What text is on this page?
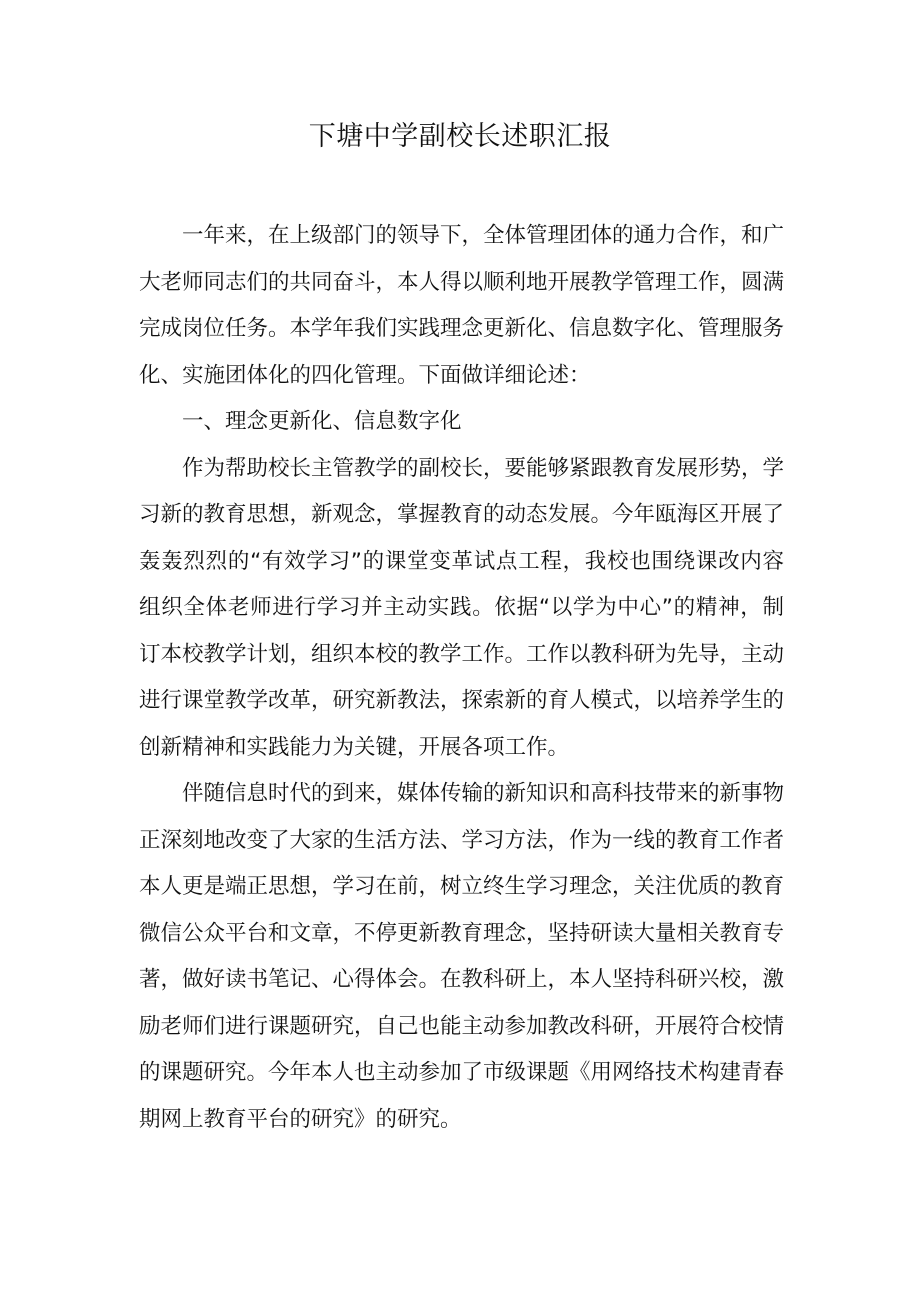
下塘中学副校长述职汇报

一年来，在上级部门的领导下，全体管理团体的通力合作，和广大老师同志们的共同奋斗，本人得以顺利地开展教学管理工作，圆满完成岗位任务。本学年我们实践理念更新化、信息数字化、管理服务化、实施团体化的四化管理。下面做详细论述：

一、理念更新化、信息数字化

作为帮助校长主管教学的副校长，要能够紧跟教育发展形势，学习新的教育思想，新观念，掌握教育的动态发展。今年瓯海区开展了轰轰烈烈的“有效学习”的课堂变革试点工程，我校也围绕课改内容组织全体老师进行学习并主动实践。依据“以学为中心”的精神，制订本校教学计划，组织本校的教学工作。工作以教科研为先导，主动进行课堂教学改革，研究新教法，探索新的育人模式，以培养学生的创新精神和实践能力为关键，开展各项工作。

伴随信息时代的到来，媒体传输的新知识和高科技带来的新事物正深刻地改变了大家的生活方法、学习方法，作为一线的教育工作者本人更是端正思想，学习在前，树立终生学习理念，关注优质的教育微信公众平台和文章，不停更新教育理念，坚持研读大量相关教育专著，做好读书笔记、心得体会。在教科研上，本人坚持科研兴校，激励老师们进行课题研究，自己也能主动参加教改科研，开展符合校情的课题研究。今年本人也主动参加了市级课题《用网络技术构建青春期网上教育平台的研究》的研究。
